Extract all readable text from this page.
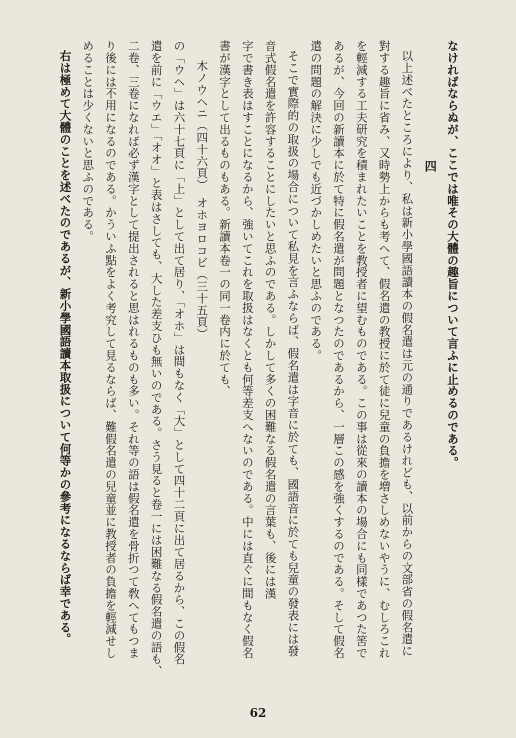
なければならぬが、ここでは唯その大體の趣旨について言ふに止めるのである。

四

以上述べたところにより、私は新小學國語讀本の假名遣は元の通りであるけれども、以前からの文部省の假名遣に

對する趣旨に省み、又時勢上からも考へて、假名遣の教授に於て徒に兒童の負擔を増さしめないやうに、むしろこれ

を輕減する工夫研究を積まれたいことを教授者に望むものである。この事は從來の讀本の場合にも同樣であつた筈で

あるが、今回の新讀本に於て特に假名遣が問題となつたのであるから、一層この感を強くするのである。そして假名

遣の問題の解決に少しでも近づかしめたいと思ふのである。

そこで實際的の取扱の場合について私見を言ふならば、假名遣は字音に於ても、國語音に於ても兒童の發表には發

音式假名遣を許容することにしたいと思ふのである。しかして多くの困難なる假名遣の言葉も、後には漢

字で書き表はすことになるから、強いてこれを取扱はなくとも何等差支へないのである。中には直ぐに間もなく假名

書が漢字として出るものもある。新讀本卷一の同一卷内に於ても、

木ノウヘニ（四十六頁）　オホヨロコビ（三十五頁）

の「ウヘ」は六十七頁に「上」として出て居り、「オホ」は間もなく「大」として四十二頁に出て居るから、この假名

遣を前に「ウエ」「オオ」と表はさしても、大した差支ひも無いのである。さう見ると卷一には困難なる假名遣の語も、

二卷、三卷になれば必ず漢字として提出されると思はれるものも多い。それ等の語は假名遣を骨折つて敎へてもつま

り後には不用になるのである。かういふ點をよく考究して見るならば、難假名遣の兒童並に教授者の負擔を輕減せし

めることは少くないと思ふのである。

右は極めて大體のことを述べたのであるが、新小學國語讀本取扱について何等かの參考になるならば幸である。

62
